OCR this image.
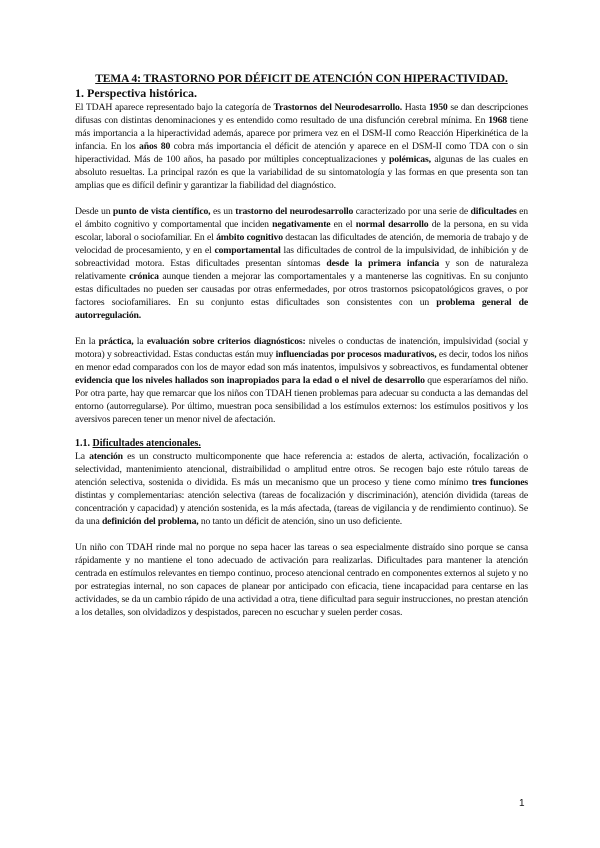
TEMA 4: TRASTORNO POR DÉFICIT DE ATENCIÓN CON HIPERACTIVIDAD.
1. Perspectiva histórica.

El TDAH aparece representado bajo la categoría de Trastornos del Neurodesarrollo. Hasta 1950 se dan descripciones difusas con distintas denominaciones y es entendido como resultado de una disfunción cerebral mínima. En 1968 tiene más importancia a la hiperactividad además, aparece por primera vez en el DSM-II como Reacción Hiperkinética de la infancia. En los años 80 cobra más importancia el déficit de atención y aparece en el DSM-II como TDA con o sin hiperactividad. Más de 100 años, ha pasado por múltiples conceptualizaciones y polémicas, algunas de las cuales en absoluto resueltas. La principal razón es que la variabilidad de su sintomatología y las formas en que presenta son tan amplias que es difícil definir y garantizar la fiabilidad del diagnóstico.

Desde un punto de vista científico, es un trastorno del neurodesarrollo caracterizado por una serie de dificultades en el ámbito cognitivo y comportamental que inciden negativamente en el normal desarrollo de la persona, en su vida escolar, laboral o sociofamiliar. En el ámbito cognitivo destacan las dificultades de atención, de memoria de trabajo y de velocidad de procesamiento, y en el comportamental las dificultades de control de la impulsividad, de inhibición y de sobreactividad motora. Estas dificultades presentan síntomas desde la primera infancia y son de naturaleza relativamente crónica aunque tienden a mejorar las comportamentales y a mantenerse las cognitivas. En su conjunto estas dificultades no pueden ser causadas por otras enfermedades, por otros trastornos psicopatológicos graves, o por factores sociofamiliares. En su conjunto estas dificultades son consistentes con un problema general de autorregulación.

En la práctica, la evaluación sobre criterios diagnósticos: niveles o conductas de inatención, impulsividad (social y motora) y sobreactividad. Estas conductas están muy influenciadas por procesos madurativos, es decir, todos los niños en menor edad comparados con los de mayor edad son más inatentos, impulsivos y sobreactivos, es fundamental obtener evidencia que los niveles hallados son inapropiados para la edad o el nivel de desarrollo que esperaríamos del niño. Por otra parte, hay que remarcar que los niños con TDAH tienen problemas para adecuar su conducta a las demandas del entorno (autorregularse). Por último, muestran poca sensibilidad a los estímulos externos: los estímulos positivos y los aversivos parecen tener un menor nivel de afectación.

1.1. Dificultades atencionales.

La atención es un constructo multicomponente que hace referencia a: estados de alerta, activación, focalización o selectividad, mantenimiento atencional, distraibilidad o amplitud entre otros. Se recogen bajo este rótulo tareas de atención selectiva, sostenida o dividida. Es más un mecanismo que un proceso y tiene como mínimo tres funciones distintas y complementarias: atención selectiva (tareas de focalización y discriminación), atención dividida (tareas de concentración y capacidad) y atención sostenida, es la más afectada, (tareas de vigilancia y de rendimiento continuo). Se da una definición del problema, no tanto un déficit de atención, sino un uso deficiente.

Un niño con TDAH rinde mal no porque no sepa hacer las tareas o sea especialmente distraído sino porque se cansa rápidamente y no mantiene el tono adecuado de activación para realizarlas. Dificultades para mantener la atención centrada en estímulos relevantes en tiempo continuo, proceso atencional centrado en componentes externos al sujeto y no por estrategias internal, no son capaces de planear por anticipado con eficacia, tiene incapacidad para centarse en las actividades, se da un cambio rápido de una actividad a otra, tiene dificultad para seguir instrucciones, no prestan atención a los detalles, son olvidadizos y despistados, parecen no escuchar y suelen perder cosas.

1
